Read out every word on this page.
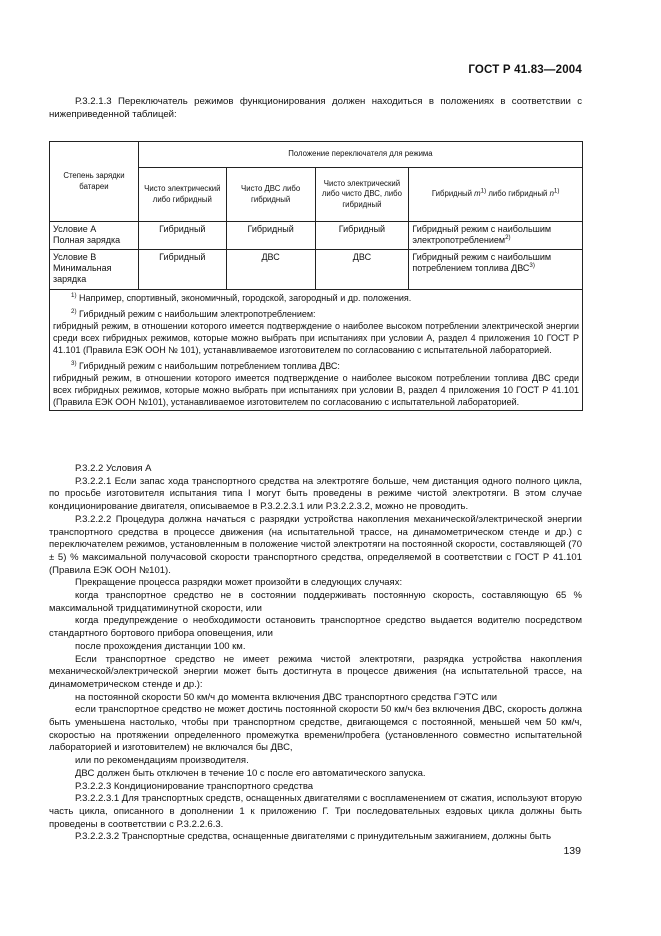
ГОСТ Р 41.83—2004
Р.3.2.1.3 Переключатель режимов функционирования должен находиться в положениях в соответствии с нижеприведенной таблицей:
Степень зарядки батареи	Положение переключателя для режима			
	Чисто электрический либо гибридный	Чисто ДВС либо гибридный	Чисто электрический либо чисто ДВС, либо гибридный	Гибридный $m^{1)}$ либо гибридный $n^{1)}$

Условие А
Полная зарядка	Гибридный	Гибридный	Гибридный	Гибридный режим с наибольшим электропотреблением$^{2)}$

Условие В
Минимальная зарядка	Гибридный	ДВС	ДВС	Гибридный режим с наибольшим потреблением топлива ДВС$^{3)}$

$^{1)}$ Например, спортивный, экономичный, городской, загородный и др. положения.
$^{2)}$ Гибридный режим с наибольшим электропотреблением:
гибридный режим, в отношении которого имеется подтверждение о наиболее высоком потреблении электрической энергии среди всех гибридных режимов, которые можно выбрать при испытаниях при условии А, раздел 4 приложения 10 ГОСТ Р 41.101 (Правила ЕЭК ООН № 101), устанавливаемое изготовителем по согласованию с испытательной лабораторией.
$^{3)}$ Гибридный режим с наибольшим потреблением топлива ДВС:
гибридный режим, в отношении которого имеется подтверждение о наиболее высоком потреблении топлива ДВС среди всех гибридных режимов, которые можно выбрать при испытаниях при условии В, раздел 4 приложения 10 ГОСТ Р 41.101 (Правила ЕЭК ООН №101), устанавливаемое изготовителем по согласованию с испытательной лабораторией.				

Р.3.2.2 Условия А

Р.3.2.2.1 Если запас хода транспортного средства на электротяге больше, чем дистанция одного полного цикла, по просьбе изготовителя испытания типа I могут быть проведены в режиме чистой электротяги. В этом случае кондиционирование двигателя, описываемое в Р.3.2.2.3.1 или Р.3.2.2.3.2, можно не проводить.

Р.3.2.2.2 Процедура должна начаться с разрядки устройства накопления механической/электрической энергии транспортного средства в процессе движения (на испытательной трассе, на динамометрическом стенде и др.) с переключателем режимов, установленным в положение чистой электротяги на постоянной скорости, составляющей (70 ± 5) % максимальной получасовой скорости транспортного средства, определяемой в соответствии с ГОСТ Р 41.101 (Правила ЕЭК ООН №101).

Прекращение процесса разрядки может произойти в следующих случаях:

когда транспортное средство не в состоянии поддерживать постоянную скорость, составляющую 65 % максимальной тридцатиминутной скорости, или

когда предупреждение о необходимости остановить транспортное средство выдается водителю посредством стандартного бортового прибора оповещения, или

после прохождения дистанции 100 км.

Если транспортное средство не имеет режима чистой электротяги, разрядка устройства накопления механической/электрической энергии может быть достигнута в процессе движения (на испытательной трассе, на динамометрическом стенде и др.):

на постоянной скорости 50 км/ч до момента включения ДВС транспортного средства ГЭТС или

если транспортное средство не может достичь постоянной скорости 50 км/ч без включения ДВС, скорость должна быть уменьшена настолько, чтобы при транспортном средстве, двигающемся с постоянной, меньшей чем 50 км/ч, скоростью на протяжении определенного промежутка времени/пробега (установленного совместно испытательной лабораторией и изготовителем) не включался бы ДВС,

или по рекомендациям производителя.

ДВС должен быть отключен в течение 10 с после его автоматического запуска.

Р.3.2.2.3 Кондиционирование транспортного средства

Р.3.2.2.3.1 Для транспортных средств, оснащенных двигателями с воспламенением от сжатия, используют вторую часть цикла, описанного в дополнении 1 к приложению Г. Три последовательных ездовых цикла должны быть проведены в соответствии с Р.3.2.2.6.3.

Р.3.2.2.3.2 Транспортные средства, оснащенные двигателями с принудительным зажиганием, должны быть

139
